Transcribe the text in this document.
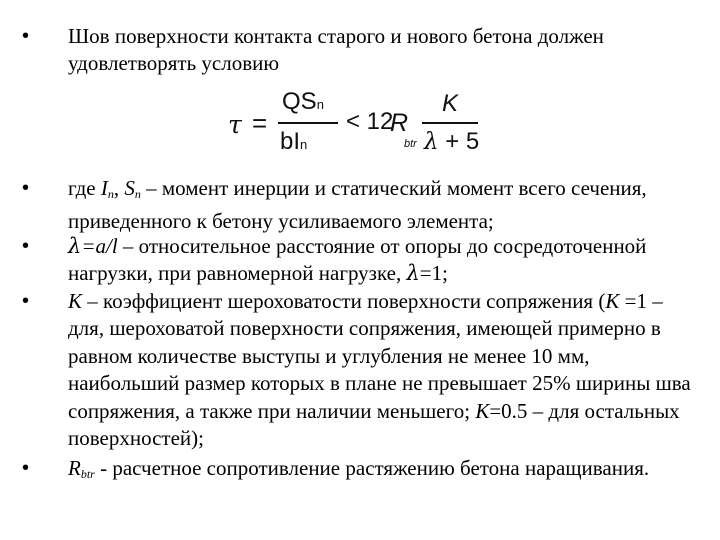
• Шов поверхности контакта старого и нового бетона должен удовлетворять условию
τ =
QSn
bIn
< 12
R
btr
K
λ + 5
• где $I_n$, $S_n$ – момент инерции и статический момент всего сечения, приведенного к бетону усиливаемого элемента;
• λ=a/l – относительное расстояние от опоры до сосредоточенной нагрузки, при равномерной нагрузке, λ=1;
• K – коэффициент шероховатости поверхности сопряжения (K =1 – для, шероховатой поверхности сопряжения, имеющей примерно в равном количестве выступы и углубления не менее 10 мм, наибольший размер которых в плане не превышает 25% ширины шва сопряжения, а также при наличии меньшего; K=0.5 – для остальных поверхностей);
• $R_{btr}$ - расчетное сопротивление растяжению бетона наращивания.
